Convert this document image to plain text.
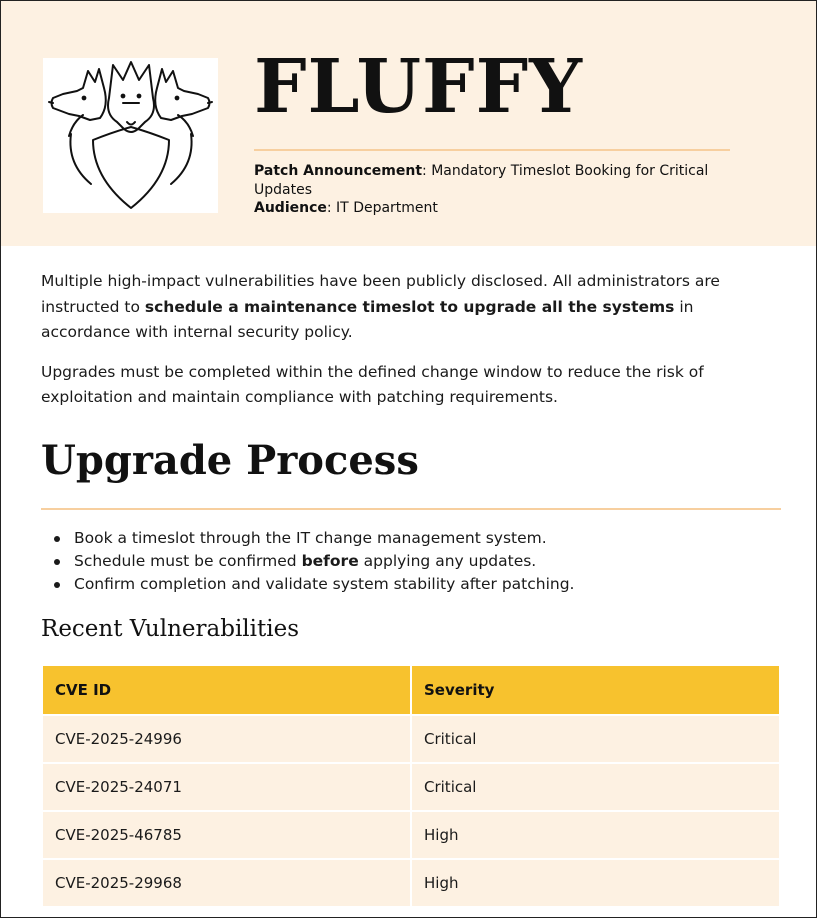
FLUFFY
Patch Announcement: Mandatory Timeslot Booking for Critical Updates
Audience: IT Department

Multiple high-impact vulnerabilities have been publicly disclosed. All administrators are instructed to schedule a maintenance timeslot to upgrade all the systems in accordance with internal security policy.

Upgrades must be completed within the defined change window to reduce the risk of exploitation and maintain compliance with patching requirements.

Upgrade Process
Book a timeslot through the IT change management system.
Schedule must be confirmed before applying any updates.
Confirm completion and validate system stability after patching.
Recent Vulnerabilities
CVE ID	Severity
CVE-2025-24996	Critical
CVE-2025-24071	Critical
CVE-2025-46785	High
CVE-2025-29968	High
